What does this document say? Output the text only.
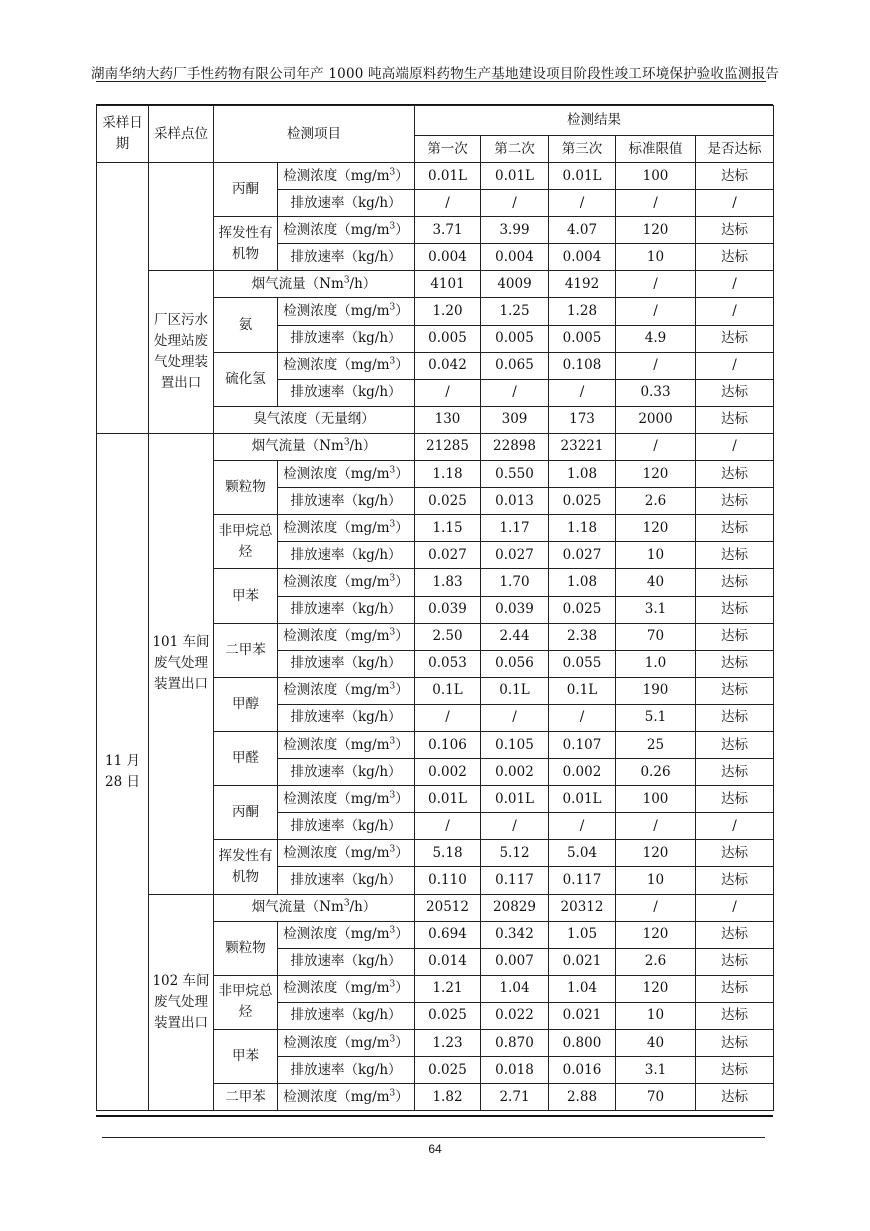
湖南华纳大药厂手性药物有限公司年产 1000 吨高端原料药物生产基地建设项目阶段性竣工环境保护验收监测报告
采样日期	采样点位	检测项目		检测结果				
				第一次	第二次	第三次	标准限值	是否达标
		丙酮	检测浓度$(mg/m^3)$	0.01L	0.01L	0.01L	100	达标
			排放速率（kg/h）	/	/	/	/	/
		挥发性有机物	检测浓度$(mg/m^3)$	3.71	3.99	4.07	120	达标
			排放速率（kg/h）	0.004	0.004	0.004	10	达标
	厂区污水处理站废气处理装置出口	烟气流量（Nm$^3$/h）		4101	4009	4192	/	/
		氨	检测浓度$(mg/m^3)$	1.20	1.25	1.28	/	/
			排放速率（kg/h）	0.005	0.005	0.005	4.9	达标
		硫化氢	检测浓度$(mg/m^3)$	0.042	0.065	0.108	/	/
			排放速率（kg/h）	/	/	/	0.33	达标
		臭气浓度（无量纲）		130	309	173	2000	达标
11 月 28 日	101 车间废气处理装置出口	烟气流量（Nm$^3$/h）		21285	22898	23221	/	/
		颗粒物	检测浓度$(mg/m^3)$	1.18	0.550	1.08	120	达标
			排放速率（kg/h）	0.025	0.013	0.025	2.6	达标
		非甲烷总烃	检测浓度$(mg/m^3)$	1.15	1.17	1.18	120	达标
			排放速率（kg/h）	0.027	0.027	0.027	10	达标
		甲苯	检测浓度$(mg/m^3)$	1.83	1.70	1.08	40	达标
			排放速率（kg/h）	0.039	0.039	0.025	3.1	达标
		二甲苯	检测浓度$(mg/m^3)$	2.50	2.44	2.38	70	达标
			排放速率（kg/h）	0.053	0.056	0.055	1.0	达标
		甲醇	检测浓度$(mg/m^3)$	0.1L	0.1L	0.1L	190	达标
			排放速率（kg/h）	/	/	/	5.1	达标
		甲醛	检测浓度$(mg/m^3)$	0.106	0.105	0.107	25	达标
			排放速率（kg/h）	0.002	0.002	0.002	0.26	达标
		丙酮	检测浓度$(mg/m^3)$	0.01L	0.01L	0.01L	100	达标
			排放速率（kg/h）	/	/	/	/	/
		挥发性有机物	检测浓度$(mg/m^3)$	5.18	5.12	5.04	120	达标
			排放速率（kg/h）	0.110	0.117	0.117	10	达标
	102 车间废气处理装置出口	烟气流量（Nm$^3$/h）		20512	20829	20312	/	/
		颗粒物	检测浓度$(mg/m^3)$	0.694	0.342	1.05	120	达标
			排放速率（kg/h）	0.014	0.007	0.021	2.6	达标
		非甲烷总烃	检测浓度$(mg/m^3)$	1.21	1.04	1.04	120	达标
			排放速率（kg/h）	0.025	0.022	0.021	10	达标
		甲苯	检测浓度$(mg/m^3)$	1.23	0.870	0.800	40	达标
			排放速率（kg/h）	0.025	0.018	0.016	3.1	达标
		二甲苯	检测浓度$(mg/m^3)$	1.82	2.71	2.88	70	达标
64
